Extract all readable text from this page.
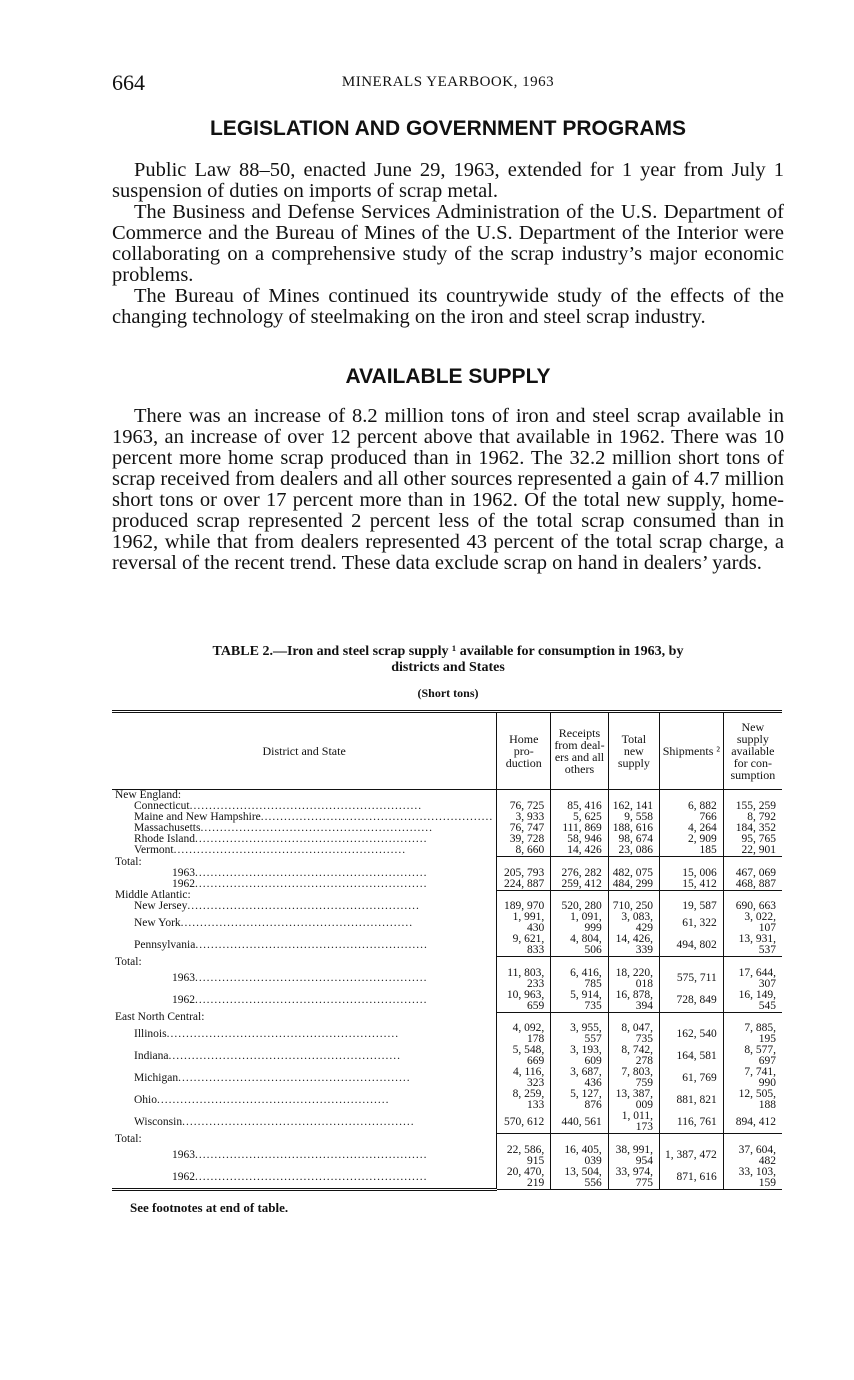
664	MINERALS YEARBOOK, 1963
LEGISLATION AND GOVERNMENT PROGRAMS

Public Law 88–50, enacted June 29, 1963, extended for 1 year from July 1 suspension of duties on imports of scrap metal.

The Business and Defense Services Administration of the U.S. Department of Commerce and the Bureau of Mines of the U.S. Department of the Interior were collaborating on a comprehensive study of the scrap industry’s major economic problems.

The Bureau of Mines continued its countrywide study of the effects of the changing technology of steelmaking on the iron and steel scrap industry.

AVAILABLE SUPPLY

There was an increase of 8.2 million tons of iron and steel scrap available in 1963, an increase of over 12 percent above that available in 1962. There was 10 percent more home scrap produced than in 1962. The 32.2 million short tons of scrap received from dealers and all other sources represented a gain of 4.7 million short tons or over 17 percent more than in 1962. Of the total new supply, home-produced scrap represented 2 percent less of the total scrap consumed than in 1962, while that from dealers represented 43 percent of the total scrap charge, a reversal of the recent trend. These data exclude scrap on hand in dealers’ yards.

TABLE 2.—Iron and steel scrap supply ¹ available for consumption in 1963, by
districts and States
(Short tons)
District and State	Home pro-duction	Receipts from deal-ers and all others	Total new supply	Shipments ²	New supply available for con-sumption
New England:					
Connecticut............................................................	76, 725	85, 416	162, 141	6, 882	155, 259
Maine and New Hampshire............................................................	3, 933	5, 625	9, 558	766	8, 792
Massachusetts............................................................	76, 747	111, 869	188, 616	4, 264	184, 352
Rhode Island............................................................	39, 728	58, 946	98, 674	2, 909	95, 765
Vermont............................................................	8, 660	14, 426	23, 086	185	22, 901
Total:					
1963............................................................	205, 793	276, 282	482, 075	15, 006	467, 069
1962............................................................	224, 887	259, 412	484, 299	15, 412	468, 887
Middle Atlantic:					
New Jersey............................................................	189, 970	520, 280	710, 250	19, 587	690, 663
New York............................................................	1, 991, 430	1, 091, 999	3, 083, 429	61, 322	3, 022, 107
Pennsylvania............................................................	9, 621, 833	4, 804, 506	14, 426, 339	494, 802	13, 931, 537
Total:					
1963............................................................	11, 803, 233	6, 416, 785	18, 220, 018	575, 711	17, 644, 307
1962............................................................	10, 963, 659	5, 914, 735	16, 878, 394	728, 849	16, 149, 545
East North Central:					
Illinois............................................................	4, 092, 178	3, 955, 557	8, 047, 735	162, 540	7, 885, 195
Indiana............................................................	5, 548, 669	3, 193, 609	8, 742, 278	164, 581	8, 577, 697
Michigan............................................................	4, 116, 323	3, 687, 436	7, 803, 759	61, 769	7, 741, 990
Ohio............................................................	8, 259, 133	5, 127, 876	13, 387, 009	881, 821	12, 505, 188
Wisconsin............................................................	570, 612	440, 561	1, 011, 173	116, 761	894, 412
Total:					
1963............................................................	22, 586, 915	16, 405, 039	38, 991, 954	1, 387, 472	37, 604, 482
1962............................................................	20, 470, 219	13, 504, 556	33, 974, 775	871, 616	33, 103, 159
See footnotes at end of table.
